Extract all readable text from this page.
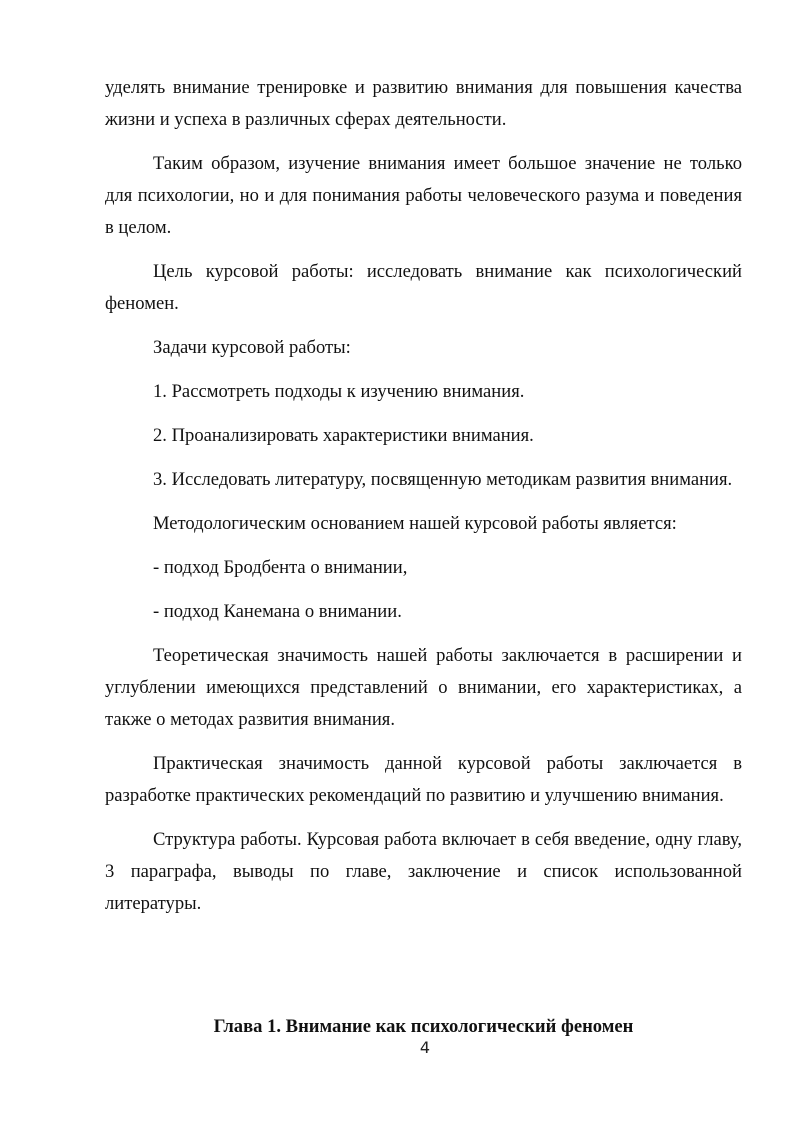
уделять внимание тренировке и развитию внимания для повышения качества жизни и успеха в различных сферах деятельности.

Таким образом, изучение внимания имеет большое значение не только для психологии, но и для понимания работы человеческого разума и поведения в целом.

Цель курсовой работы: исследовать внимание как психологический феномен.

Задачи курсовой работы:

1. Рассмотреть подходы к изучению внимания.

2. Проанализировать характеристики внимания.

3. Исследовать литературу, посвященную методикам развития внимания.

Методологическим основанием нашей курсовой работы является:

- подход Бродбента о внимании,

- подход Канемана о внимании.

Теоретическая значимость нашей работы заключается в расширении и углублении имеющихся представлений о внимании, его характеристиках, а также о методах развития внимания.

Практическая значимость данной курсовой работы заключается в разработке практических рекомендаций по развитию и улучшению внимания.

Структура работы. Курсовая работа включает в себя введение, одну главу, 3 параграфа, выводы по главе, заключение и список использованной литературы.

Глава 1. Внимание как психологический феномен
4
